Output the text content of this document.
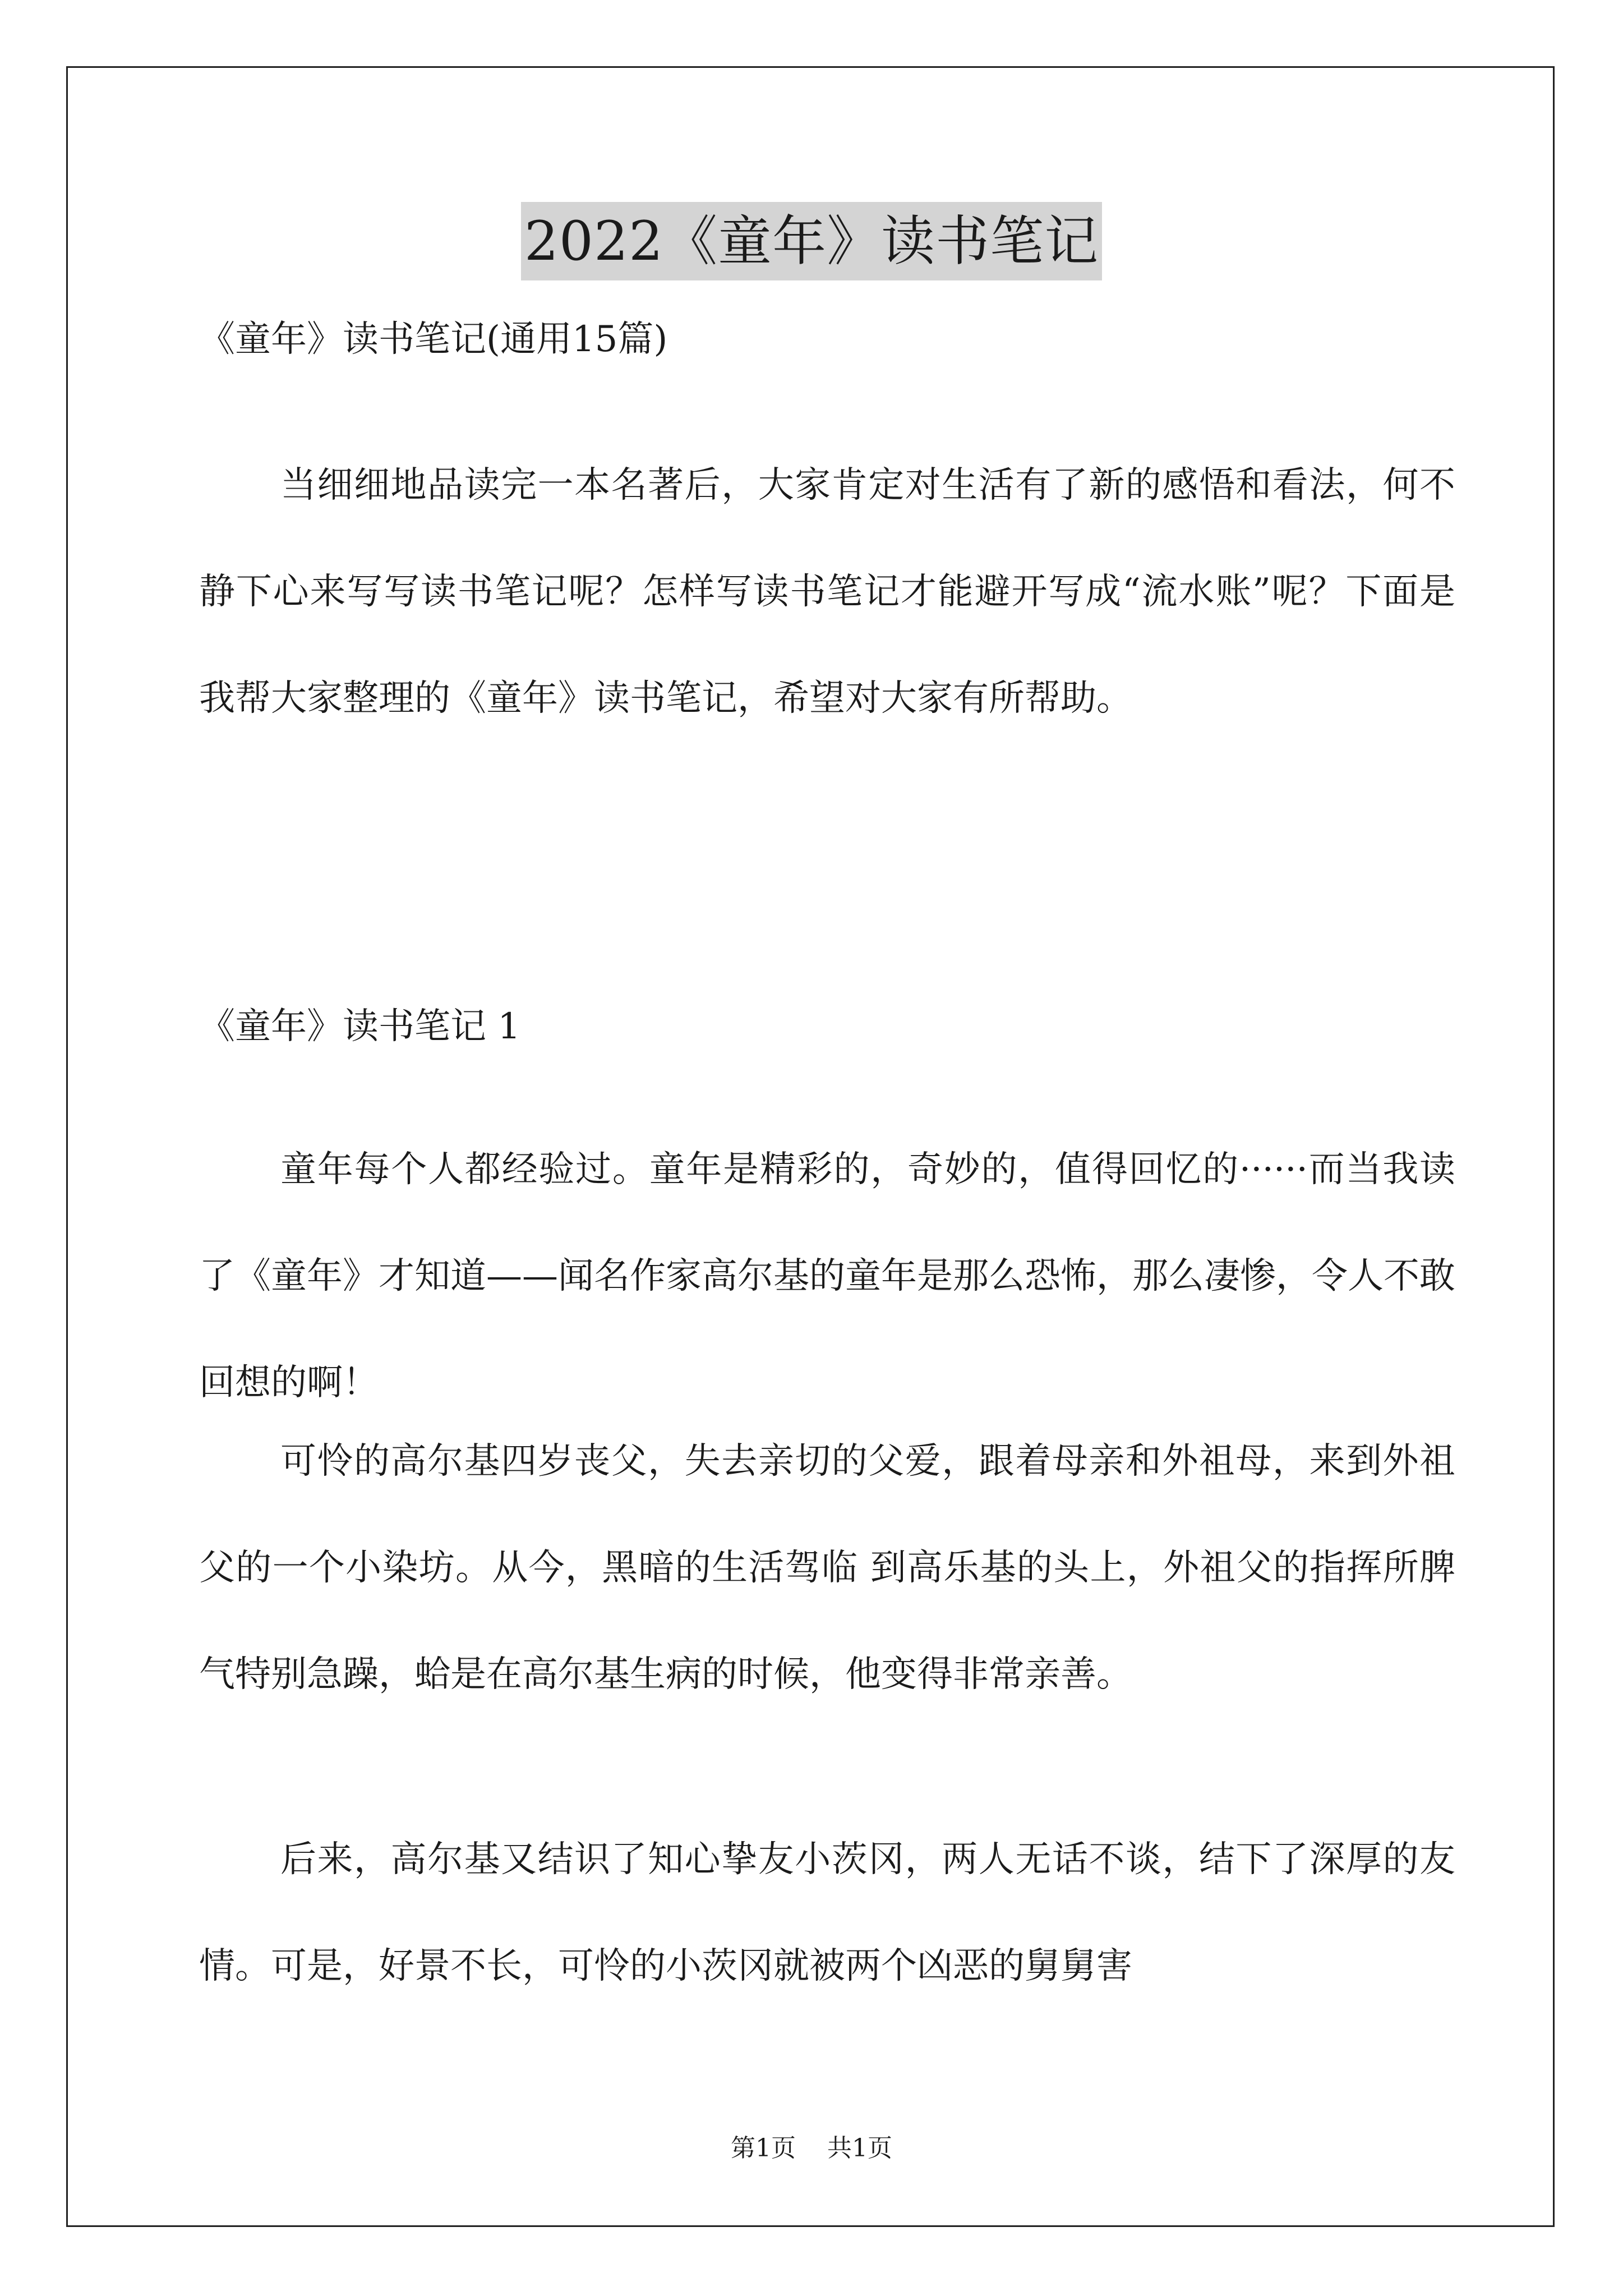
2022《童年》读书笔记

《童年》读书笔记(通用15篇)

当细细地品读完一本名著后，大家肯定对生活有了新的感悟和看法，何不静下心来写写读书笔记呢？怎样写读书笔记才能避开写成“流水账”呢？下面是我帮大家整理的《童年》读书笔记，希望对大家有所帮助。

《童年》读书笔记 1

童年每个人都经验过。童年是精彩的，奇妙的，值得回忆的······而当我读了《童年》才知道——闻名作家高尔基的童年是那么恐怖，那么凄惨，令人不敢回想的啊！

可怜的高尔基四岁丧父，失去亲切的父爱，跟着母亲和外祖母，来到外祖父的一个小染坊。从今，黑暗的生活驾临 到高乐基的头上，外祖父的指挥所脾气特别急躁，蛤是在高尔基生病的时候，他变得非常亲善。

后来，高尔基又结识了知心挚友小茨冈，两人无话不谈，结下了深厚的友情。可是，好景不长，可怜的小茨冈就被两个凶恶的舅舅害

第1页 共1页
